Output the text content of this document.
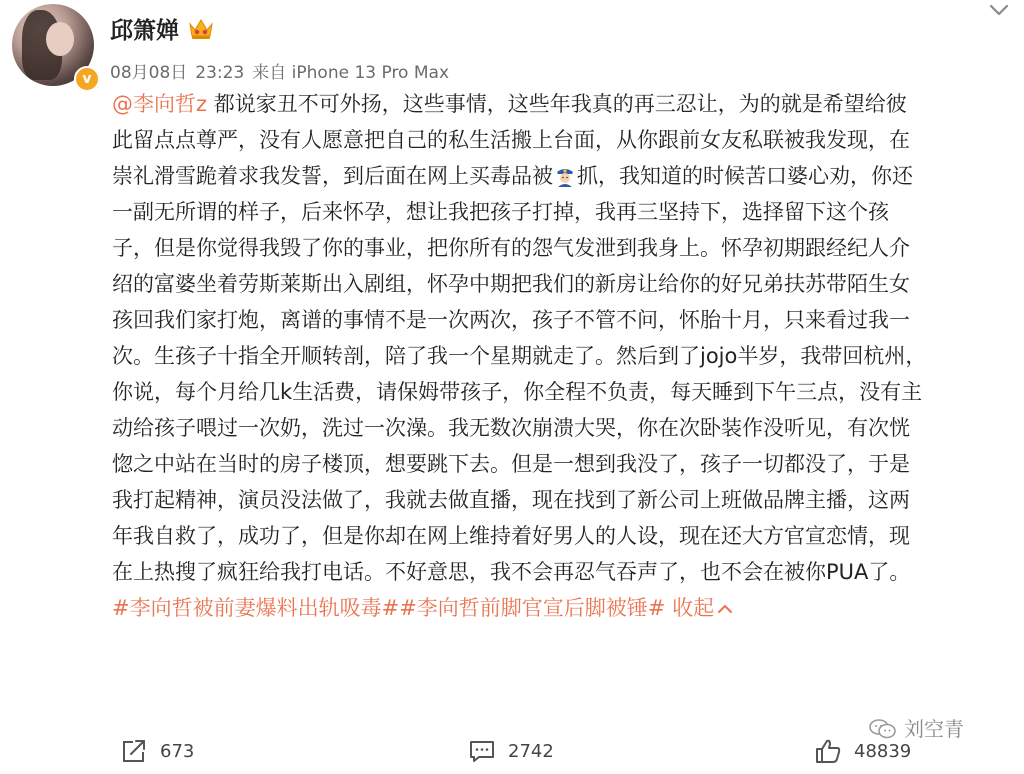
v
邱箫婵
08月08日 23:23 来自 iPhone 13 Pro Max
@李向哲z 都说家丑不可外扬，这些事情，这些年我真的再三忍让，为的就是希望给彼
此留点点尊严，没有人愿意把自己的私生活搬上台面，从你跟前女友私联被我发现，在
崇礼滑雪跪着求我发誓，到后面在网上买毒品被 抓，我知道的时候苦口婆心劝，你还
一副无所谓的样子，后来怀孕，想让我把孩子打掉，我再三坚持下，选择留下这个孩
子，但是你觉得我毁了你的事业，把你所有的怨气发泄到我身上。怀孕初期跟经纪人介
绍的富婆坐着劳斯莱斯出入剧组，怀孕中期把我们的新房让给你的好兄弟扶苏带陌生女
孩回我们家打炮，离谱的事情不是一次两次，孩子不管不问，怀胎十月，只来看过我一
次。生孩子十指全开顺转剖，陪了我一个星期就走了。然后到了jojo半岁，我带回杭州，
你说，每个月给几k生活费，请保姆带孩子，你全程不负责，每天睡到下午三点，没有主
动给孩子喂过一次奶，洗过一次澡。我无数次崩溃大哭，你在次卧装作没听见，有次恍
惚之中站在当时的房子楼顶，想要跳下去。但是一想到我没了，孩子一切都没了，于是
我打起精神，演员没法做了，我就去做直播，现在找到了新公司上班做品牌主播，这两
年我自救了，成功了，但是你却在网上维持着好男人的人设，现在还大方官宣恋情，现
在上热搜了疯狂给我打电话。不好意思，我不会再忍气吞声了，也不会在被你PUA了。
#李向哲被前妻爆料出轨吸毒##李向哲前脚官宣后脚被锤# 收起
刘空青
673	2742	48839
